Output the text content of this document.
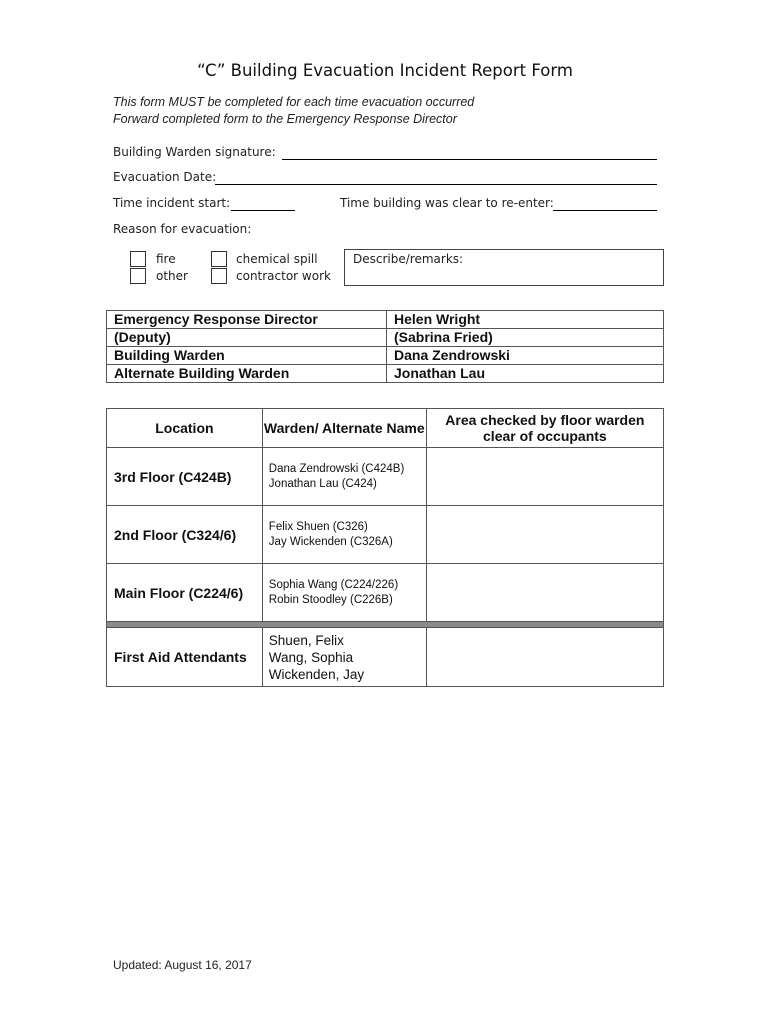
“C” Building Evacuation Incident Report Form
This form MUST be completed for each time evacuation occurred
Forward completed form to the Emergency Response Director
Building Warden signature:
Evacuation Date:
Time incident start:	Time building was clear to re-enter:
Reason for evacuation:
fire
other
chemical spill
contractor work
Describe/remarks:
Emergency Response Director	Helen Wright
(Deputy)	(Sabrina Fried)
Building Warden	Dana Zendrowski
Alternate Building Warden	Jonathan Lau
Location	Warden/ Alternate Name	Area checked by floor warden clear of occupants
3rd Floor (C424B)	Dana Zendrowski (C424B)
Jonathan Lau (C424)	

2nd Floor (C324/6)	Felix Shuen (C326)
Jay Wickenden (C326A)	

Main Floor (C224/6)	Sophia Wang (C224/226)
Robin Stoodley (C226B)	

First Aid Attendants	Shuen, Felix
Wang, Sophia
Wickenden, Jay	

Updated: August 16, 2017
